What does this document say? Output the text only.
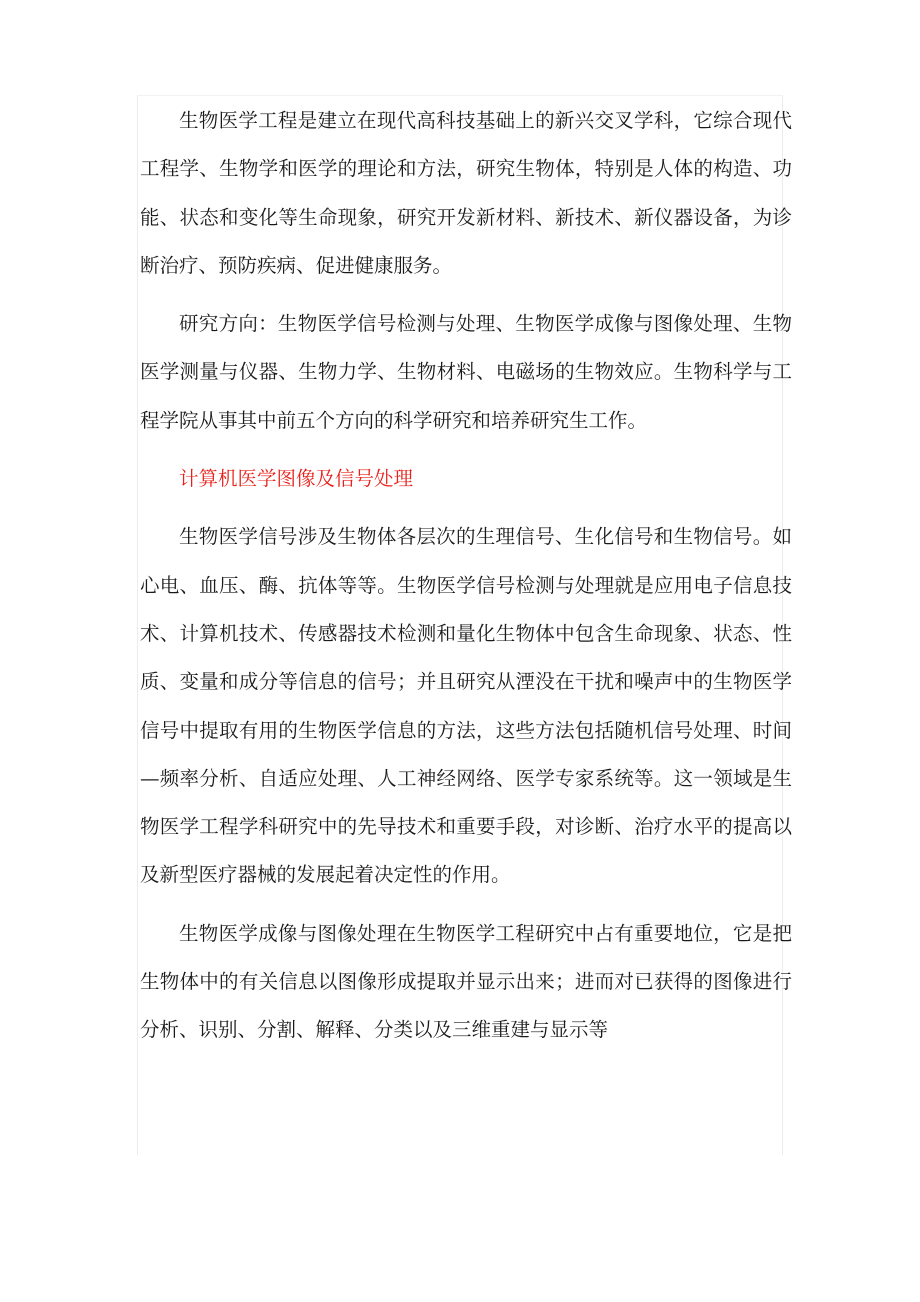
生物医学工程是建立在现代高科技基础上的新兴交叉学科，它综合现代工程学、生物学和医学的理论和方法，研究生物体，特别是人体的构造、功能、状态和变化等生命现象，研究开发新材料、新技术、新仪器设备，为诊断治疗、预防疾病、促进健康服务。

研究方向：生物医学信号检测与处理、生物医学成像与图像处理、生物医学测量与仪器、生物力学、生物材料、电磁场的生物效应。生物科学与工程学院从事其中前五个方向的科学研究和培养研究生工作。

计算机医学图像及信号处理

生物医学信号涉及生物体各层次的生理信号、生化信号和生物信号。如心电、血压、酶、抗体等等。生物医学信号检测与处理就是应用电子信息技术、计算机技术、传感器技术检测和量化生物体中包含生命现象、状态、性质、变量和成分等信息的信号；并且研究从湮没在干扰和噪声中的生物医学信号中提取有用的生物医学信息的方法，这些方法包括随机信号处理、时间—频率分析、自适应处理、人工神经网络、医学专家系统等。这一领域是生物医学工程学科研究中的先导技术和重要手段，对诊断、治疗水平的提高以及新型医疗器械的发展起着决定性的作用。

生物医学成像与图像处理在生物医学工程研究中占有重要地位，它是把生物体中的有关信息以图像形成提取并显示出来；进而对已获得的图像进行分析、识别、分割、解释、分类以及三维重建与显示等
